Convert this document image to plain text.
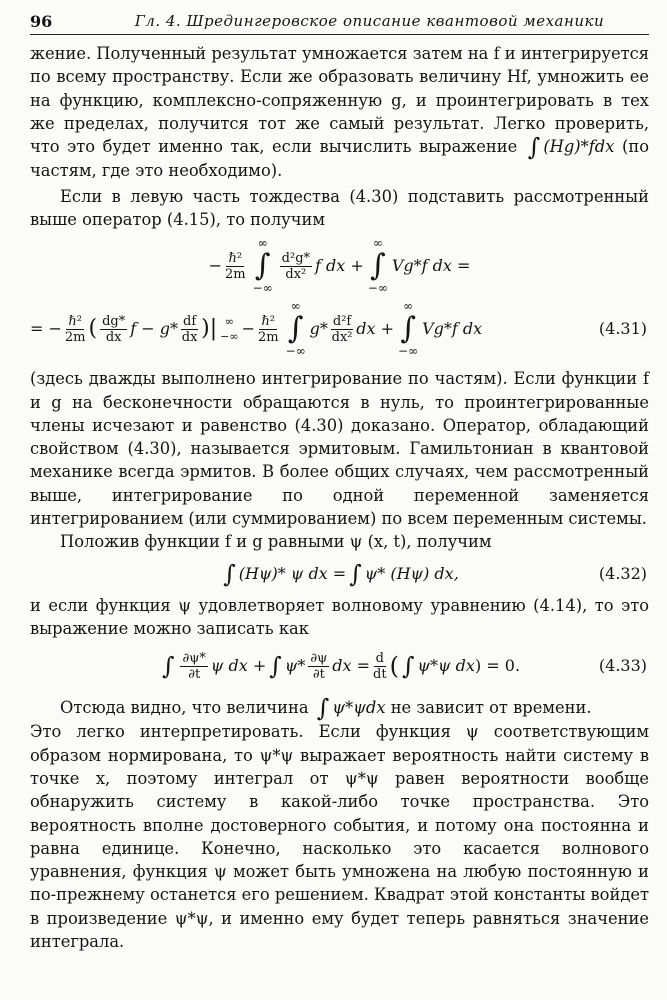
96	Гл. 4. Шредингеровское описание квантовой механики

жение. Полученный результат умножается затем на f и интегрируется по всему пространству. Если же образовать величину Hf, умножить ее на функцию, комплексно-сопряженную g, и проинтегрировать в тех же пределах, получится тот же самый результат. Легко проверить, что это будет именно так, если вычислить выражение ∫ (Hg)*fdx (по частям, где это необходимо).

Если в левую часть тождества (4.30) подставить рассмотренный выше оператор (4.15), то получим

− $\frac{\text{ℏ²}}{2m}$
∞
∫
−∞
$\frac{\text{d²g*}}{\text{dx²}}$ f dx +
∞
∫
−∞
Vg*f dx =
= − $\frac{\text{ℏ²}}{2m}$ ( $\frac{dg*}{dx}$ $f - g* \frac{df}{dx}$ ) | ∞
−∞ − $\frac{\text{ℏ²}}{2m}$
∞
∫
−∞
$g* \frac{\text{d²f}}{\text{dx²}}$ dx +
∞
∫
−∞
Vg*f dx	(4.31)

(здесь дважды выполнено интегрирование по частям). Если функции f и g на бесконечности обращаются в нуль, то проинтегрированные члены исчезают и равенство (4.30) доказано. Оператор, обладающий свойством (4.30), называется эрмитовым. Гамильтониан в квантовой механике всегда эрмитов. В более общих случаях, чем рассмотренный выше, интегрирование по одной переменной заменяется интегрированием (или суммированием) по всем переменным системы.

Положив функции f и g равными ψ (x, t), получим

∫ (Hψ)* ψ dx = ∫ ψ* (Hψ) dx,	(4.32)

и если функция ψ удовлетворяет волновому уравнению (4.14), то это выражение можно записать как

∫ $\frac{\partial\psi*}{\partial t}$ ψ dx + ∫ $\psi* \frac{\partial\psi}{\partial t}$ dx = $\frac{d}{dt}$ ( ∫ ψ*ψ dx ) = 0.	(4.33)

Отсюда видно, что величина ∫ ψ*ψdx не зависит от времени.

Это легко интерпретировать. Если функция ψ соответствующим образом нормирована, то ψ*ψ выражает вероятность найти систему в точке x, поэтому интеграл от ψ*ψ равен вероятности вообще обнаружить систему в какой-либо точке пространства. Это вероятность вполне достоверного события, и потому она постоянна и равна единице. Конечно, насколько это касается волнового уравнения, функция ψ может быть умножена на любую постоянную и по-прежнему останется его решением. Квадрат этой константы войдет в произведение ψ*ψ, и именно ему будет теперь равняться значение интеграла.
